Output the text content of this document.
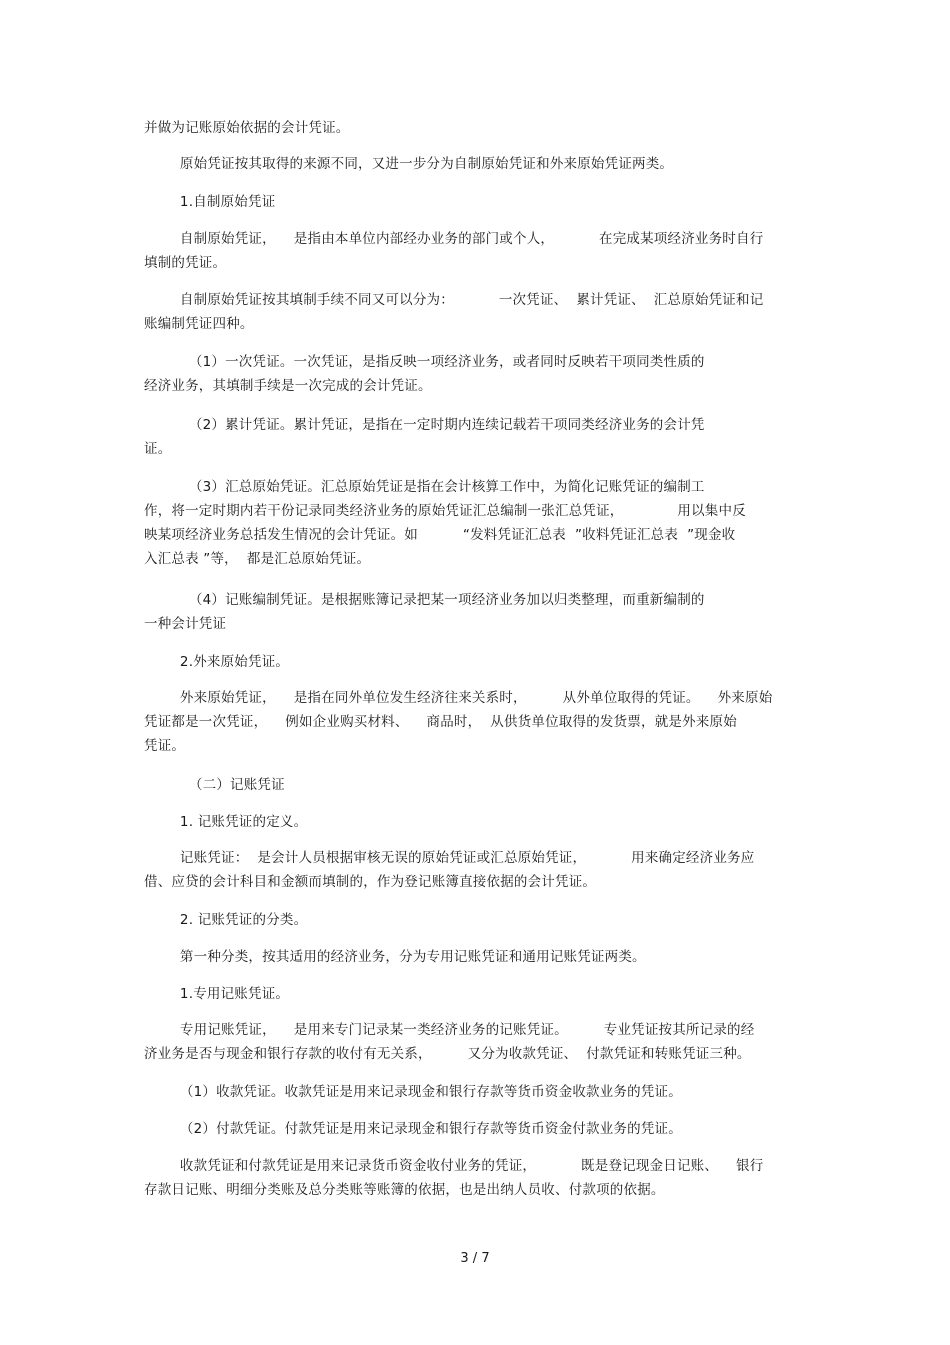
并做为记账原始依据的会计凭证。
原始凭证按其取得的来源不同，又进一步分为自制原始凭证和外来原始凭证两类。
1.自制原始凭证
自制原始凭证，    是指由本单位内部经办业务的部门或个人，          在完成某项经济业务时自行
填制的凭证。
自制原始凭证按其填制手续不同又可以分为：          一次凭证、  累计凭证、  汇总原始凭证和记
账编制凭证四种。
（1）一次凭证。一次凭证，是指反映一项经济业务，或者同时反映若干项同类性质的
经济业务，其填制手续是一次完成的会计凭证。
（2）累计凭证。累计凭证，是指在一定时期内连续记载若干项同类经济业务的会计凭
证。
（3）汇总原始凭证。汇总原始凭证是指在会计核算工作中，为简化记账凭证的编制工
作，将一定时期内若干份记录同类经济业务的原始凭证汇总编制一张汇总凭证，            用以集中反
映某项经济业务总括发生情况的会计凭证。如          “发料凭证汇总表  ”收料凭证汇总表  ”现金收
入汇总表 ”等，  都是汇总原始凭证。
（4）记账编制凭证。是根据账簿记录把某一项经济业务加以归类整理，而重新编制的
一种会计凭证
2.外来原始凭证。
外来原始凭证，    是指在同外单位发生经济往来关系时，        从外单位取得的凭证。    外来原始
凭证都是一次凭证，    例如企业购买材料、    商品时，  从供货单位取得的发货票，就是外来原始
凭证。
（二）记账凭证
1. 记账凭证的定义。
记账凭证：  是会计人员根据审核无误的原始凭证或汇总原始凭证，          用来确定经济业务应
借、应贷的会计科目和金额而填制的，作为登记账簿直接依据的会计凭证。
2. 记账凭证的分类。
第一种分类，按其适用的经济业务，分为专用记账凭证和通用记账凭证两类。
1.专用记账凭证。
专用记账凭证，    是用来专门记录某一类经济业务的记账凭证。        专业凭证按其所记录的经
济业务是否与现金和银行存款的收付有无关系，        又分为收款凭证、  付款凭证和转账凭证三种。
（1）收款凭证。收款凭证是用来记录现金和银行存款等货币资金收款业务的凭证。
（2）付款凭证。付款凭证是用来记录现金和银行存款等货币资金付款业务的凭证。
收款凭证和付款凭证是用来记录货币资金收付业务的凭证，          既是登记现金日记账、    银行
存款日记账、明细分类账及总分类账等账簿的依据，也是出纳人员收、付款项的依据。
3 / 7
